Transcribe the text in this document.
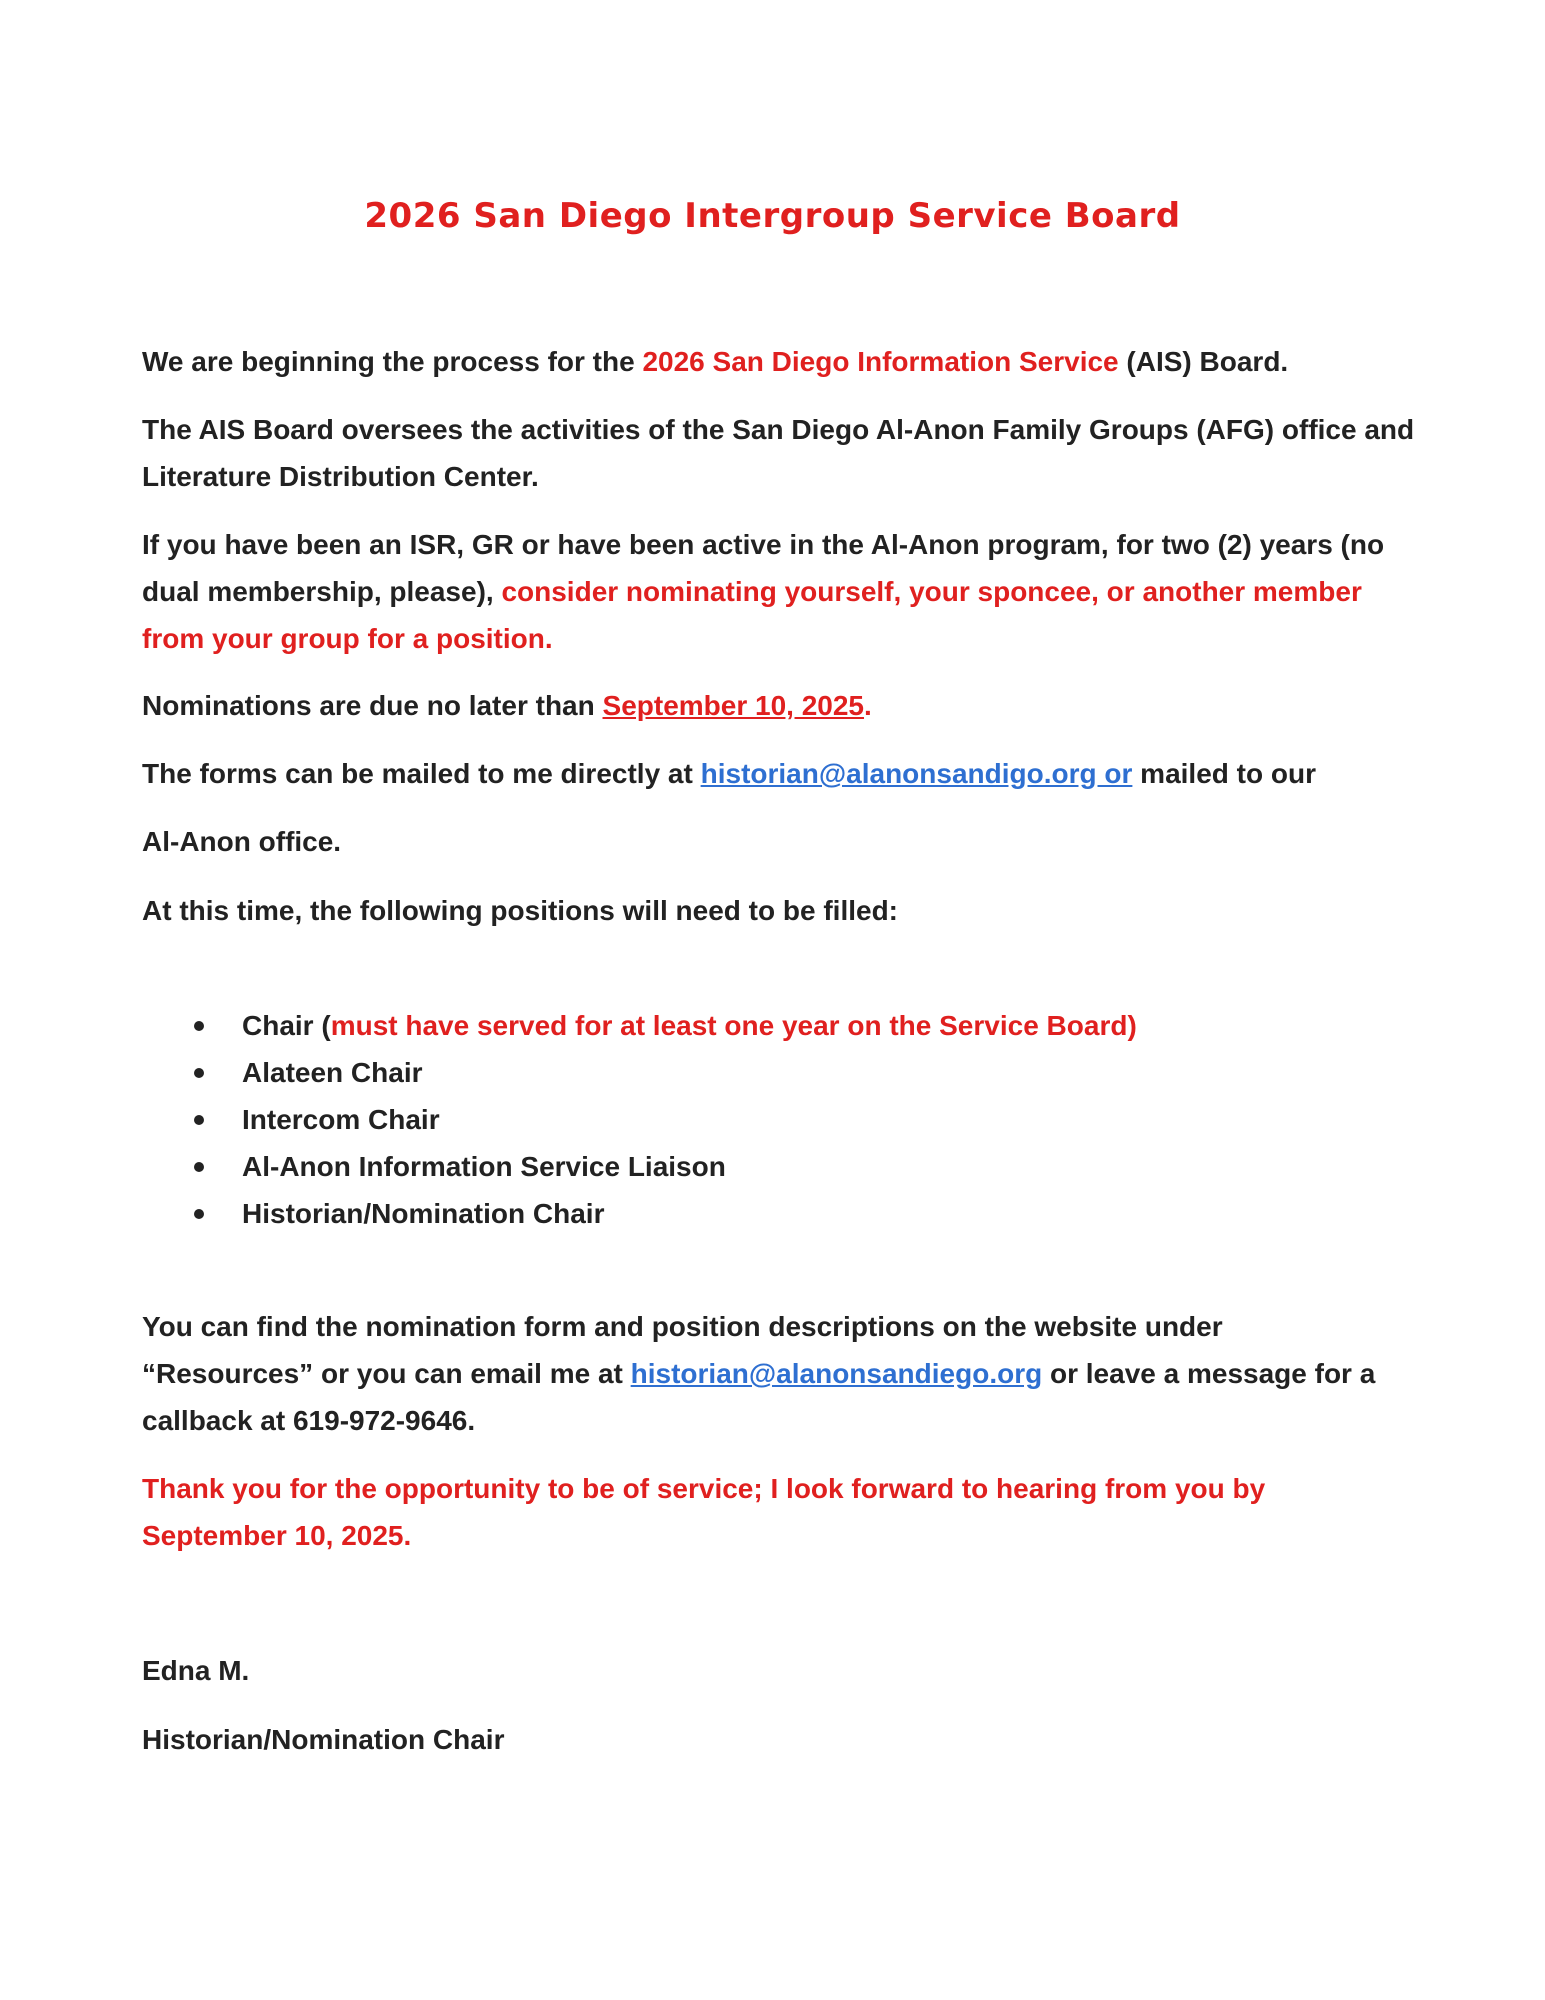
2026 San Diego Intergroup Service Board
We are beginning the process for the 2026 San Diego Information Service (AIS) Board.
The AIS Board oversees the activities of the San Diego Al-Anon Family Groups (AFG) office and
Literature Distribution Center.
If you have been an ISR, GR or have been active in the Al-Anon program, for two (2) years (no
dual membership, please), consider nominating yourself, your sponcee, or another member
from your group for a position.
Nominations are due no later than September 10, 2025.
The forms can be mailed to me directly at historian@alanonsandigo.org or mailed to our
Al-Anon office.
At this time, the following positions will need to be filled:
Chair (must have served for at least one year on the Service Board)
Alateen Chair
Intercom Chair
Al-Anon Information Service Liaison
Historian/Nomination Chair
You can find the nomination form and position descriptions on the website under
“Resources” or you can email me at historian@alanonsandiego.org or leave a message for a
callback at 619-972-9646.
Thank you for the opportunity to be of service; I look forward to hearing from you by
September 10, 2025.
Edna M.
Historian/Nomination Chair
